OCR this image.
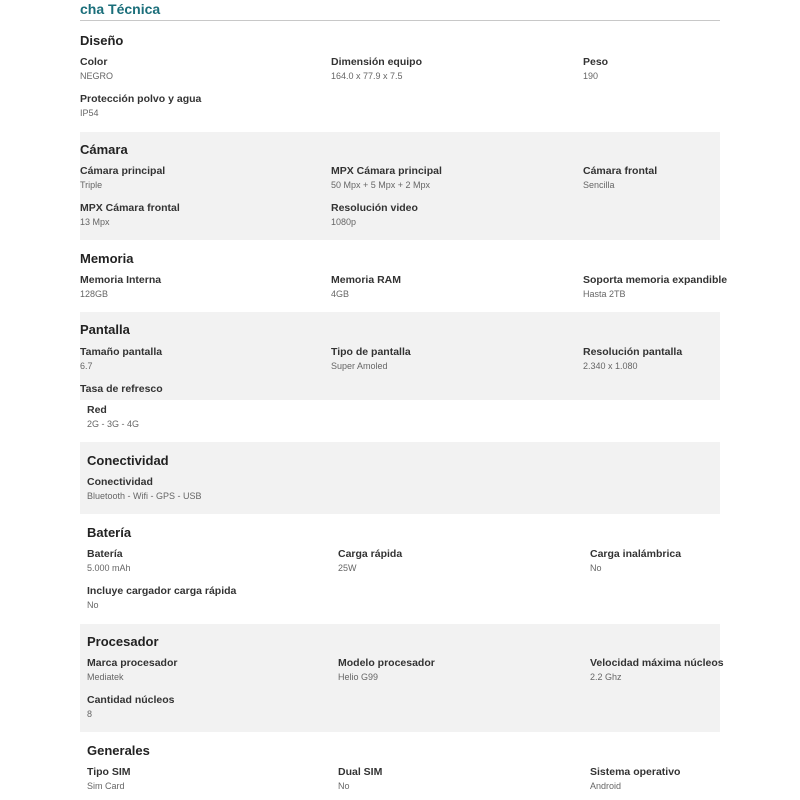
cha Técnica
Diseño
Color
NEGRO
Dimensión equipo
164.0 x 77.9 x 7.5
Peso
190
Protección polvo y agua
IP54
Cámara
Cámara principal
Triple
MPX Cámara principal
50 Mpx + 5 Mpx + 2 Mpx
Cámara frontal
Sencilla
MPX Cámara frontal
13 Mpx
Resolución video
1080p
Memoria
Memoria Interna
128GB
Memoria RAM
4GB
Soporta memoria expandible
Hasta 2TB
Pantalla
Tamaño pantalla
6.7
Tipo de pantalla
Super Amoled
Resolución pantalla
2.340 x 1.080
Tasa de refresco
Red
2G - 3G - 4G
Conectividad
Conectividad
Bluetooth - Wifi - GPS - USB
Batería
Batería
5.000 mAh
Carga rápida
25W
Carga inalámbrica
No
Incluye cargador carga rápida
No
Procesador
Marca procesador
Mediatek
Modelo procesador
Helio G99
Velocidad máxima núcleos
2.2 Ghz
Cantidad núcleos
8
Generales
Tipo SIM
Sim Card
Dual SIM
No
Sistema operativo
Android
